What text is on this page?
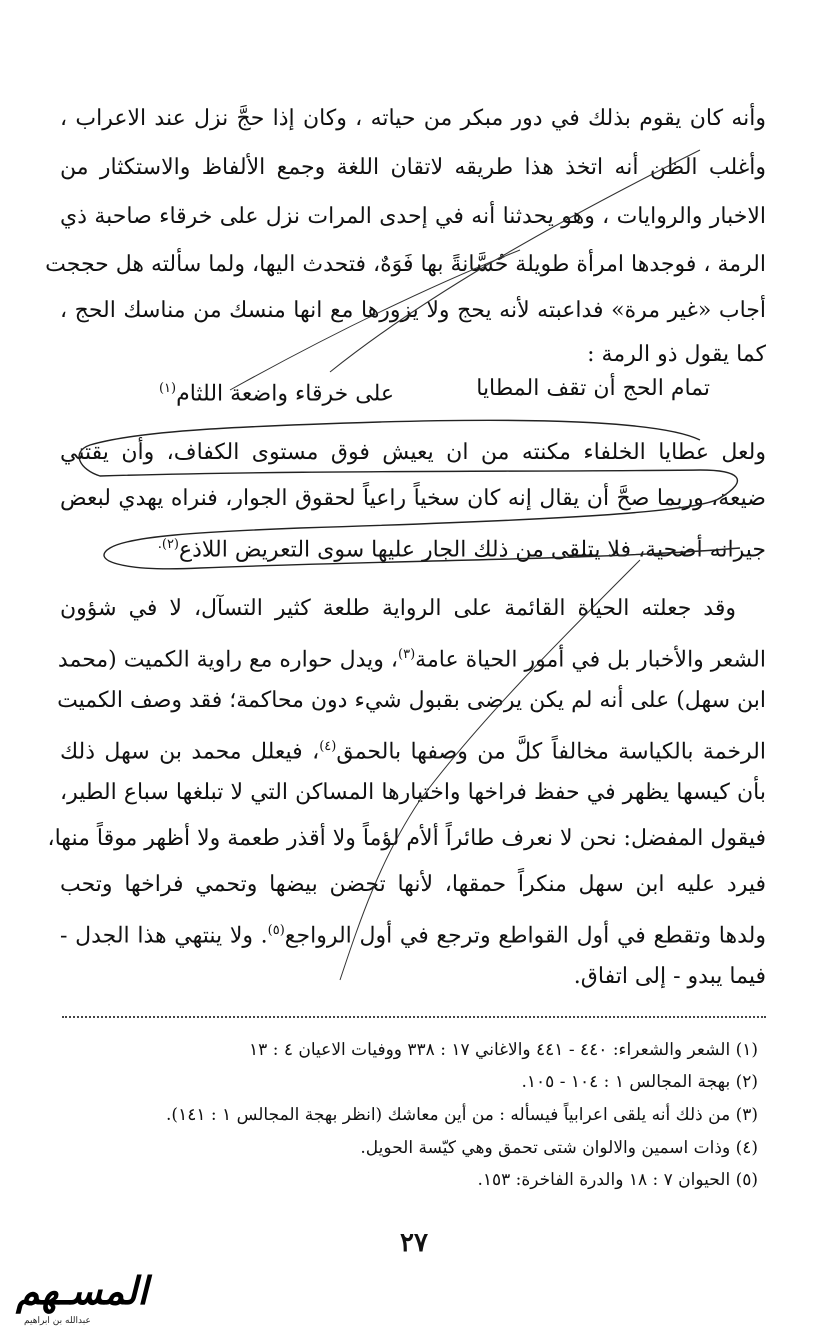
وأنه كان يقوم بذلك في دور مبكر من حياته ، وكان إذا حجَّ نزل عند الاعراب ،
وأغلب الظن أنه اتخذ هذا طريقه لاتقان اللغة وجمع الألفاظ والاستكثار من
الاخبار والروايات ، وهو يحدثنا أنه في إحدى المرات نزل على خرقاء صاحبة ذي
الرمة ، فوجدها امرأة طويلة حُسَّانةً بها فَوَهٌ، فتحدث اليها، ولما سألته هل حججت
أجاب «غير مرة» فداعبته لأنه يحج ولا يزورها مع انها منسك من مناسك الحج ،
كما يقول ذو الرمة :
تمام الحج أن تقف المطايا
على خرقاء واضعة اللثام$^{(١)}$
ولعل عطايا الخلفاء مكنته من ان يعيش فوق مستوى الكفاف، وأن يقتني
ضيعة، وربما صحَّ أن يقال إنه كان سخياً راعياً لحقوق الجوار، فنراه يهدي لبعض
جيرانه أضحية، فلا يتلقى من ذلك الجار عليها سوى التعريض اللاذع$^{(٢).}$
وقد جعلته الحياة القائمة على الرواية طلعة كثير التسآل، لا في شؤون
الشعر والأخبار بل في أمور الحياة عامة$^{(٣)}$، ويدل حواره مع راوية الكميت (محمد
ابن سهل) على أنه لم يكن يرضى بقبول شيء دون محاكمة؛ فقد وصف الكميت
الرخمة بالكياسة مخالفاً كلَّ من وصفها بالحمق$^{(٤)}$، فيعلل محمد بن سهل ذلك
بأن كيسها يظهر في حفظ فراخها واختيارها المساكن التي لا تبلغها سباع الطير،
فيقول المفضل: نحن لا نعرف طائراً ألأم لؤماً ولا أقذر طعمة ولا أظهر موقاً منها،
فيرد عليه ابن سهل منكراً حمقها، لأنها تحضن بيضها وتحمي فراخها وتحب
ولدها وتقطع في أول القواطع وترجع في أول الرواجع$^{(٥)}$. ولا ينتهي هذا الجدل -
فيما يبدو - إلى اتفاق.
(١) الشعر والشعراء: ٤٤٠ - ٤٤١ والاغاني ١٧ : ٣٣٨ ووفيات الاعيان ٤ : ١٣
(٢) بهجة المجالس ١ : ١٠٤ - ١٠٥.
(٣) من ذلك أنه يلقى اعرابياً فيسأله : من أين معاشك (انظر بهجة المجالس ١ : ١٤١).
(٤) وذات اسمين والالوان شتى تحمق وهي كيّسة الحويل.
(٥) الحيوان ٧ : ١٨ والدرة الفاخرة: ١٥٣.
٢٧
المسـهم
عبدالله بن ابراهيم
